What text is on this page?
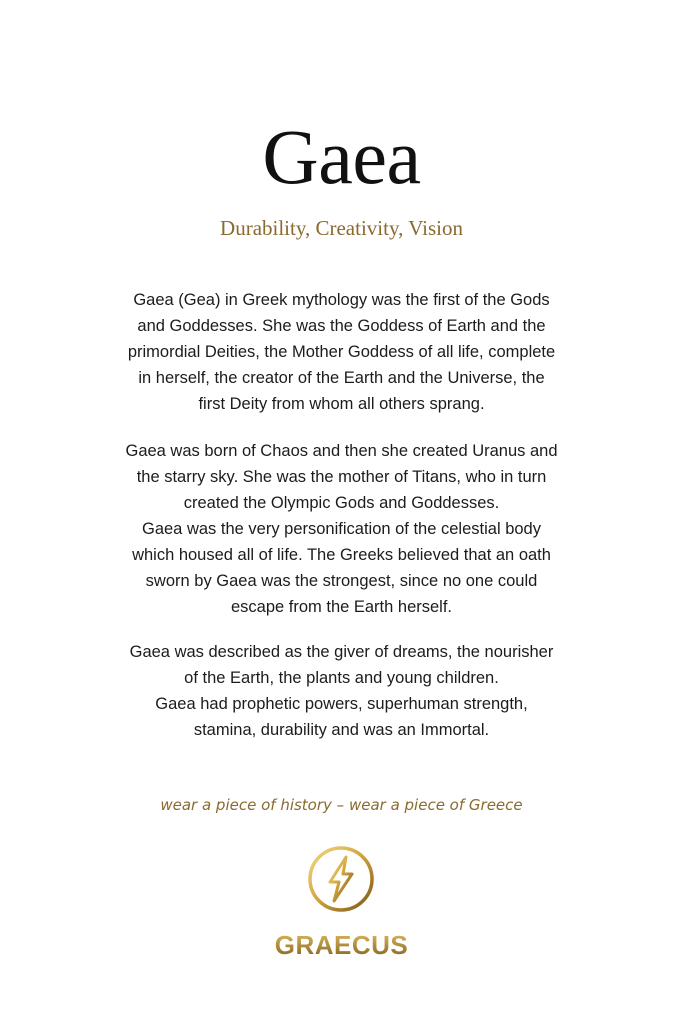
Gaea
Durability, Creativity, Vision
Gaea (Gea) in Greek mythology was the first of the Gods
and Goddesses. She was the Goddess of Earth and the
primordial Deities, the Mother Goddess of all life, complete
in herself, the creator of the Earth and the Universe, the
first Deity from whom all others sprang.
Gaea was born of Chaos and then she created Uranus and
the starry sky. She was the mother of Titans, who in turn
created the Olympic Gods and Goddesses.
Gaea was the very personification of the celestial body
which housed all of life. The Greeks believed that an oath
sworn by Gaea was the strongest, since no one could
escape from the Earth herself.
Gaea was described as the giver of dreams, the nourisher
of the Earth, the plants and young children.
Gaea had prophetic powers, superhuman strength,
stamina, durability and was an Immortal.
wear a piece of history – wear a piece of Greece
GRAECUS
